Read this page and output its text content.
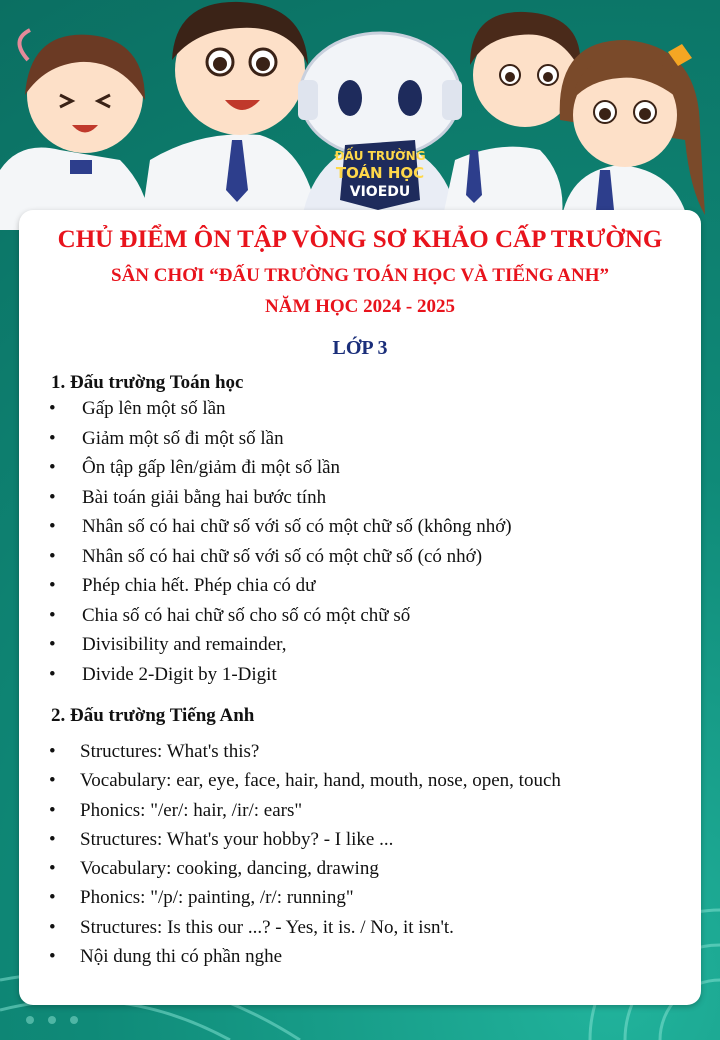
ĐẤU TRƯỜNG
TOÁN HỌC
VIOEDU
CHỦ ĐIỂM ÔN TẬP VÒNG SƠ KHẢO CẤP TRƯỜNG
SÂN CHƠI “ĐẤU TRƯỜNG TOÁN HỌC VÀ TIẾNG ANH”
NĂM HỌC 2024 - 2025
LỚP 3
1. Đấu trường Toán học
• Gấp lên một số lần
• Giảm một số đi một số lần
• Ôn tập gấp lên/giảm đi một số lần
• Bài toán giải bằng hai bước tính
• Nhân số có hai chữ số với số có một chữ số (không nhớ)
• Nhân số có hai chữ số với số có một chữ số (có nhớ)
• Phép chia hết. Phép chia có dư
• Chia số có hai chữ số cho số có một chữ số
• Divisibility and remainder,
• Divide 2-Digit by 1-Digit
2. Đấu trường Tiếng Anh
• Structures: What's this?
• Vocabulary: ear, eye, face, hair, hand, mouth, nose, open, touch
• Phonics: "/er/: hair, /ir/: ears"
• Structures: What's your hobby? - I like ...
• Vocabulary: cooking, dancing, drawing
• Phonics: "/p/: painting, /r/: running"
• Structures: Is this our ...? - Yes, it is. / No, it isn't.
• Nội dung thi có phần nghe
